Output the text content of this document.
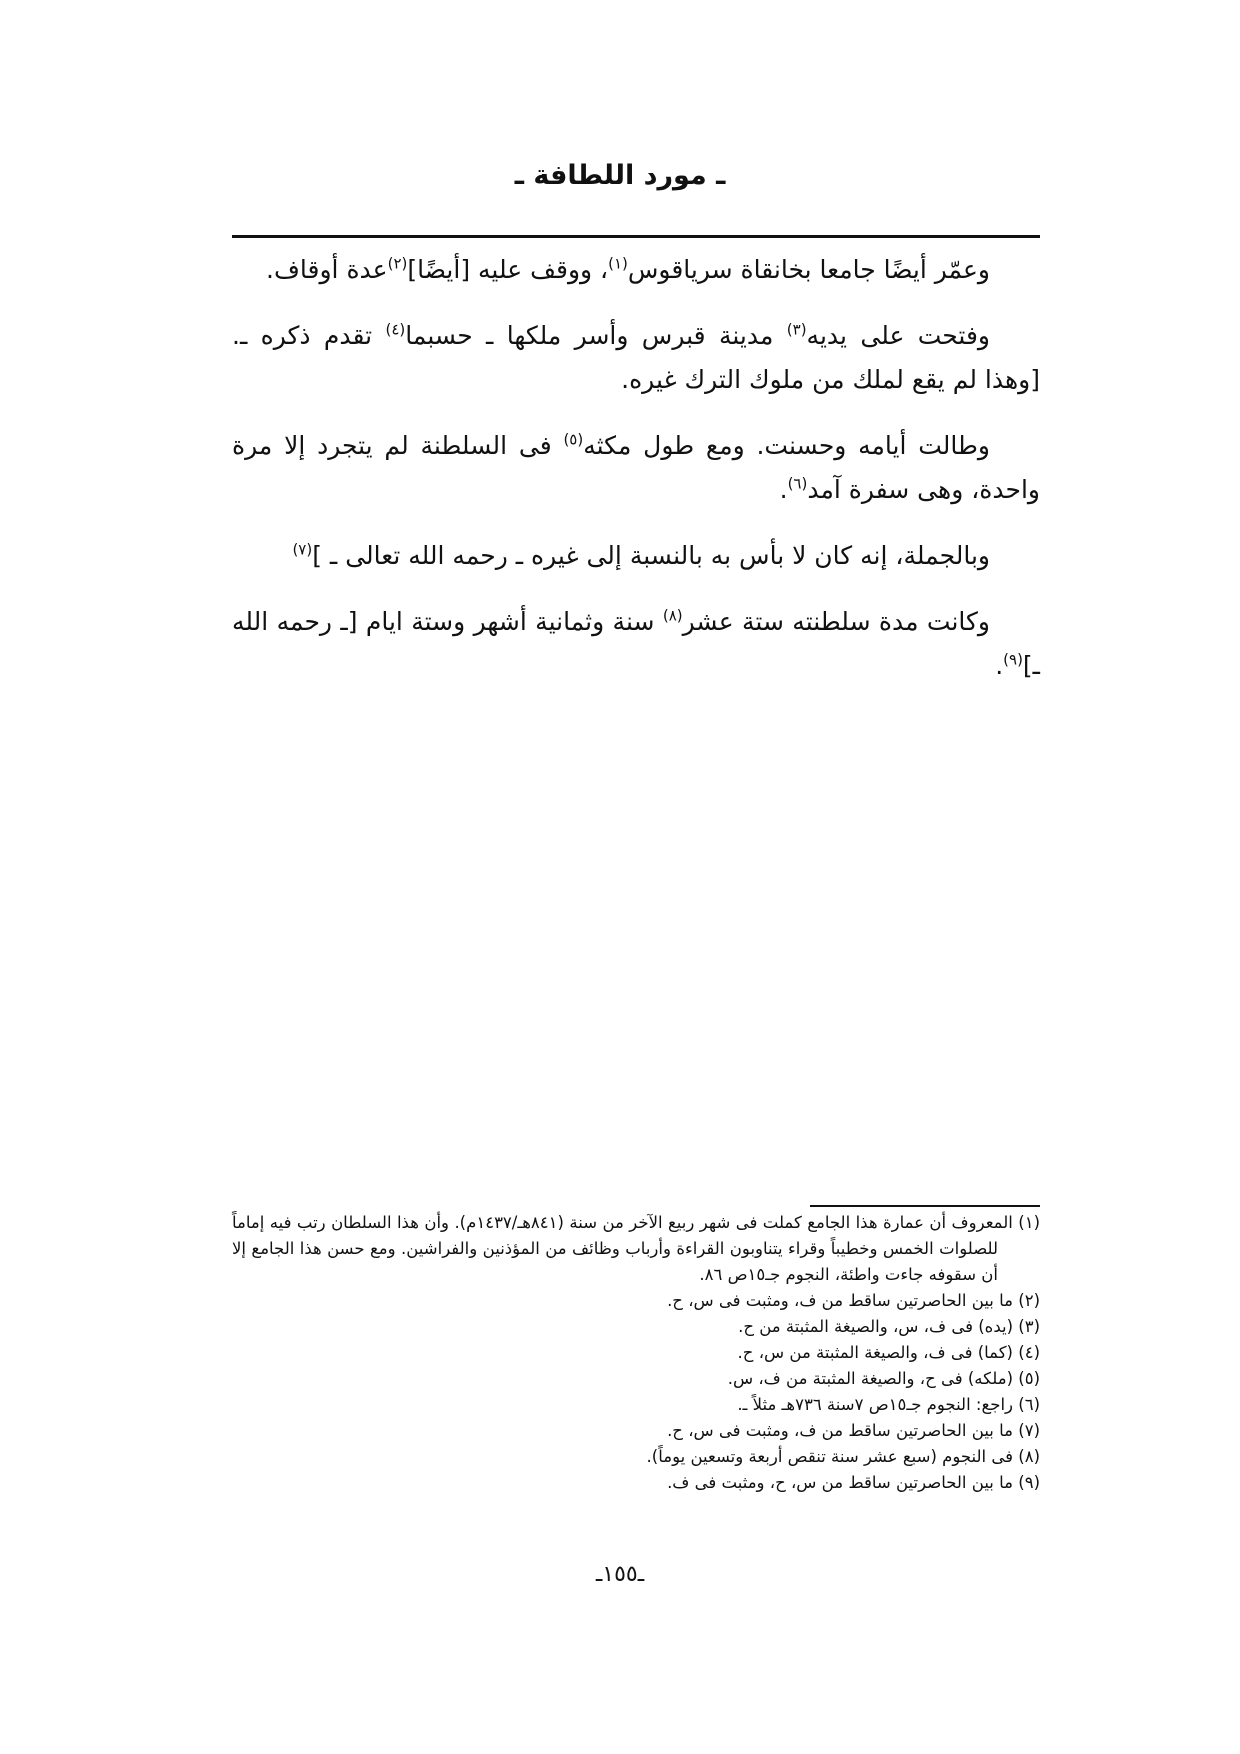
ـ مورد اللطافة ـ

وعمّر أيضًا جامعا بخانقاة سرياقوس$^{(١)}$، ووقف عليه [أيضًا]$^{(٢)}$عدة أوقاف.

وفتحت على يديه$^{(٣)}$ مدينة قبرس وأسر ملكها ـ حسبما$^{(٤)}$ تقدم ذكره ـ. [وهذا لم يقع لملك من ملوك الترك غيره.

وطالت أيامه وحسنت. ومع طول مكثه$^{(٥)}$ فى السلطنة لم يتجرد إلا مرة واحدة، وهى سفرة آمد$^{(٦)}$.

وبالجملة، إنه كان لا بأس به بالنسبة إلى غيره ـ رحمه الله تعالى ـ ]$^{(٧)}$

وكانت مدة سلطنته ستة عشر$^{(٨)}$ سنة وثمانية أشهر وستة ايام [ـ رحمه الله ـ]$^{(٩)}$.

(١) المعروف أن عمارة هذا الجامع كملت فى شهر ربيع الآخر من سنة (٨٤١هـ/١٤٣٧م). وأن هذا السلطان رتب فيه إماماً للصلوات الخمس وخطيباً وقراء يتناوبون القراءة وأرباب وظائف من المؤذنين والفراشين. ومع حسن هذا الجامع إلا أن سقوفه جاءت واطئة، النجوم جـ١٥ص ٨٦.

(٢) ما بين الحاصرتين ساقط من ف، ومثبت فى س، ح.

(٣) (يده) فى ف، س، والصيغة المثبتة من ح.

(٤) (كما) فى ف، والصيغة المثبتة من س، ح.

(٥) (ملكه) فى ح، والصيغة المثبتة من ف، س.

(٦) راجع: النجوم جـ١٥ص ٧سنة ٧٣٦هـ مثلاً ـ.

(٧) ما بين الحاصرتين ساقط من ف، ومثبت فى س، ح.

(٨) فى النجوم (سبع عشر سنة تنقص أربعة وتسعين يوماً).

(٩) ما بين الحاصرتين ساقط من س، ح، ومثبت فى ف.

ـ١٥٥ـ
